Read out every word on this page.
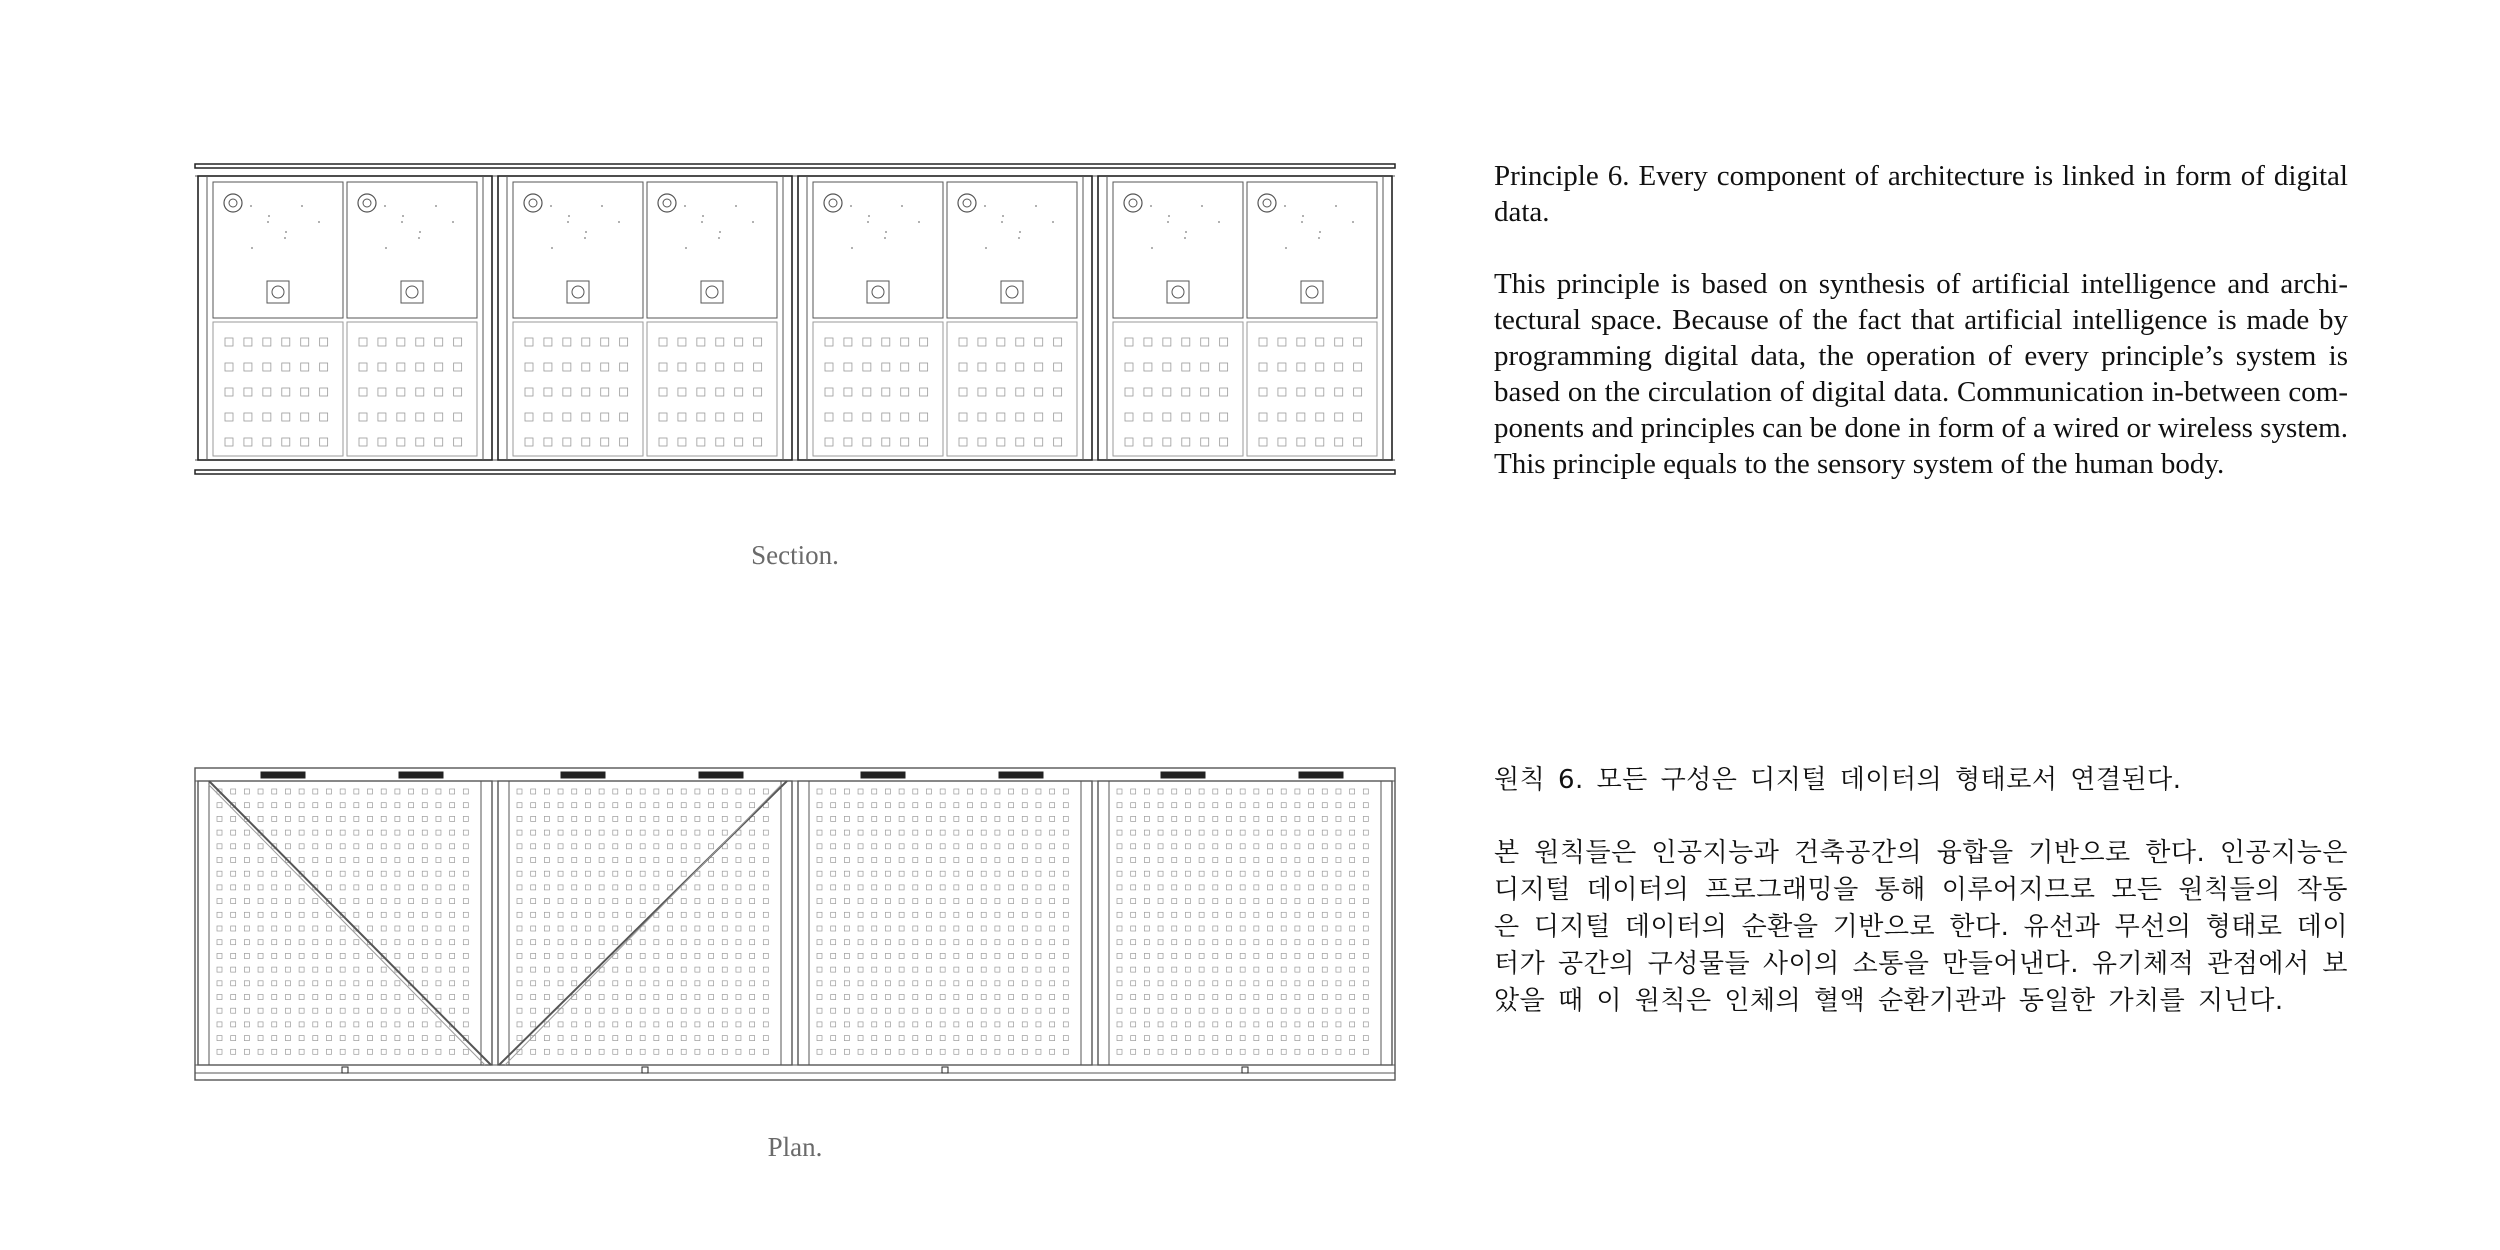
Section.
Plan.

Principle 6. Every component of architecture is linked in form of digital data.

This principle is based on synthesis of artificial intelligence and archi-tectural space. Because of the fact that artificial intelligence is made by programming digital data, the operation of every principle’s system is based on the circulation of digital data. Communication in-between com-ponents and principles can be done in form of a wired or wireless system. This principle equals to the sensory system of the human body.

원칙 6. 모든 구성은 디지털 데이터의 형태로서 연결된다.

본 원칙들은 인공지능과 건축공간의 융합을 기반으로 한다. 인공지능은 디지털 데이터의 프로그래밍을 통해 이루어지므로 모든 원칙들의 작동은 디지털 데이터의 순환을 기반으로 한다. 유선과 무선의 형태로 데이터가 공간의 구성물들 사이의 소통을 만들어낸다. 유기체적 관점에서 보았을 때 이 원칙은 인체의 혈액 순환기관과 동일한 가치를 지닌다.
